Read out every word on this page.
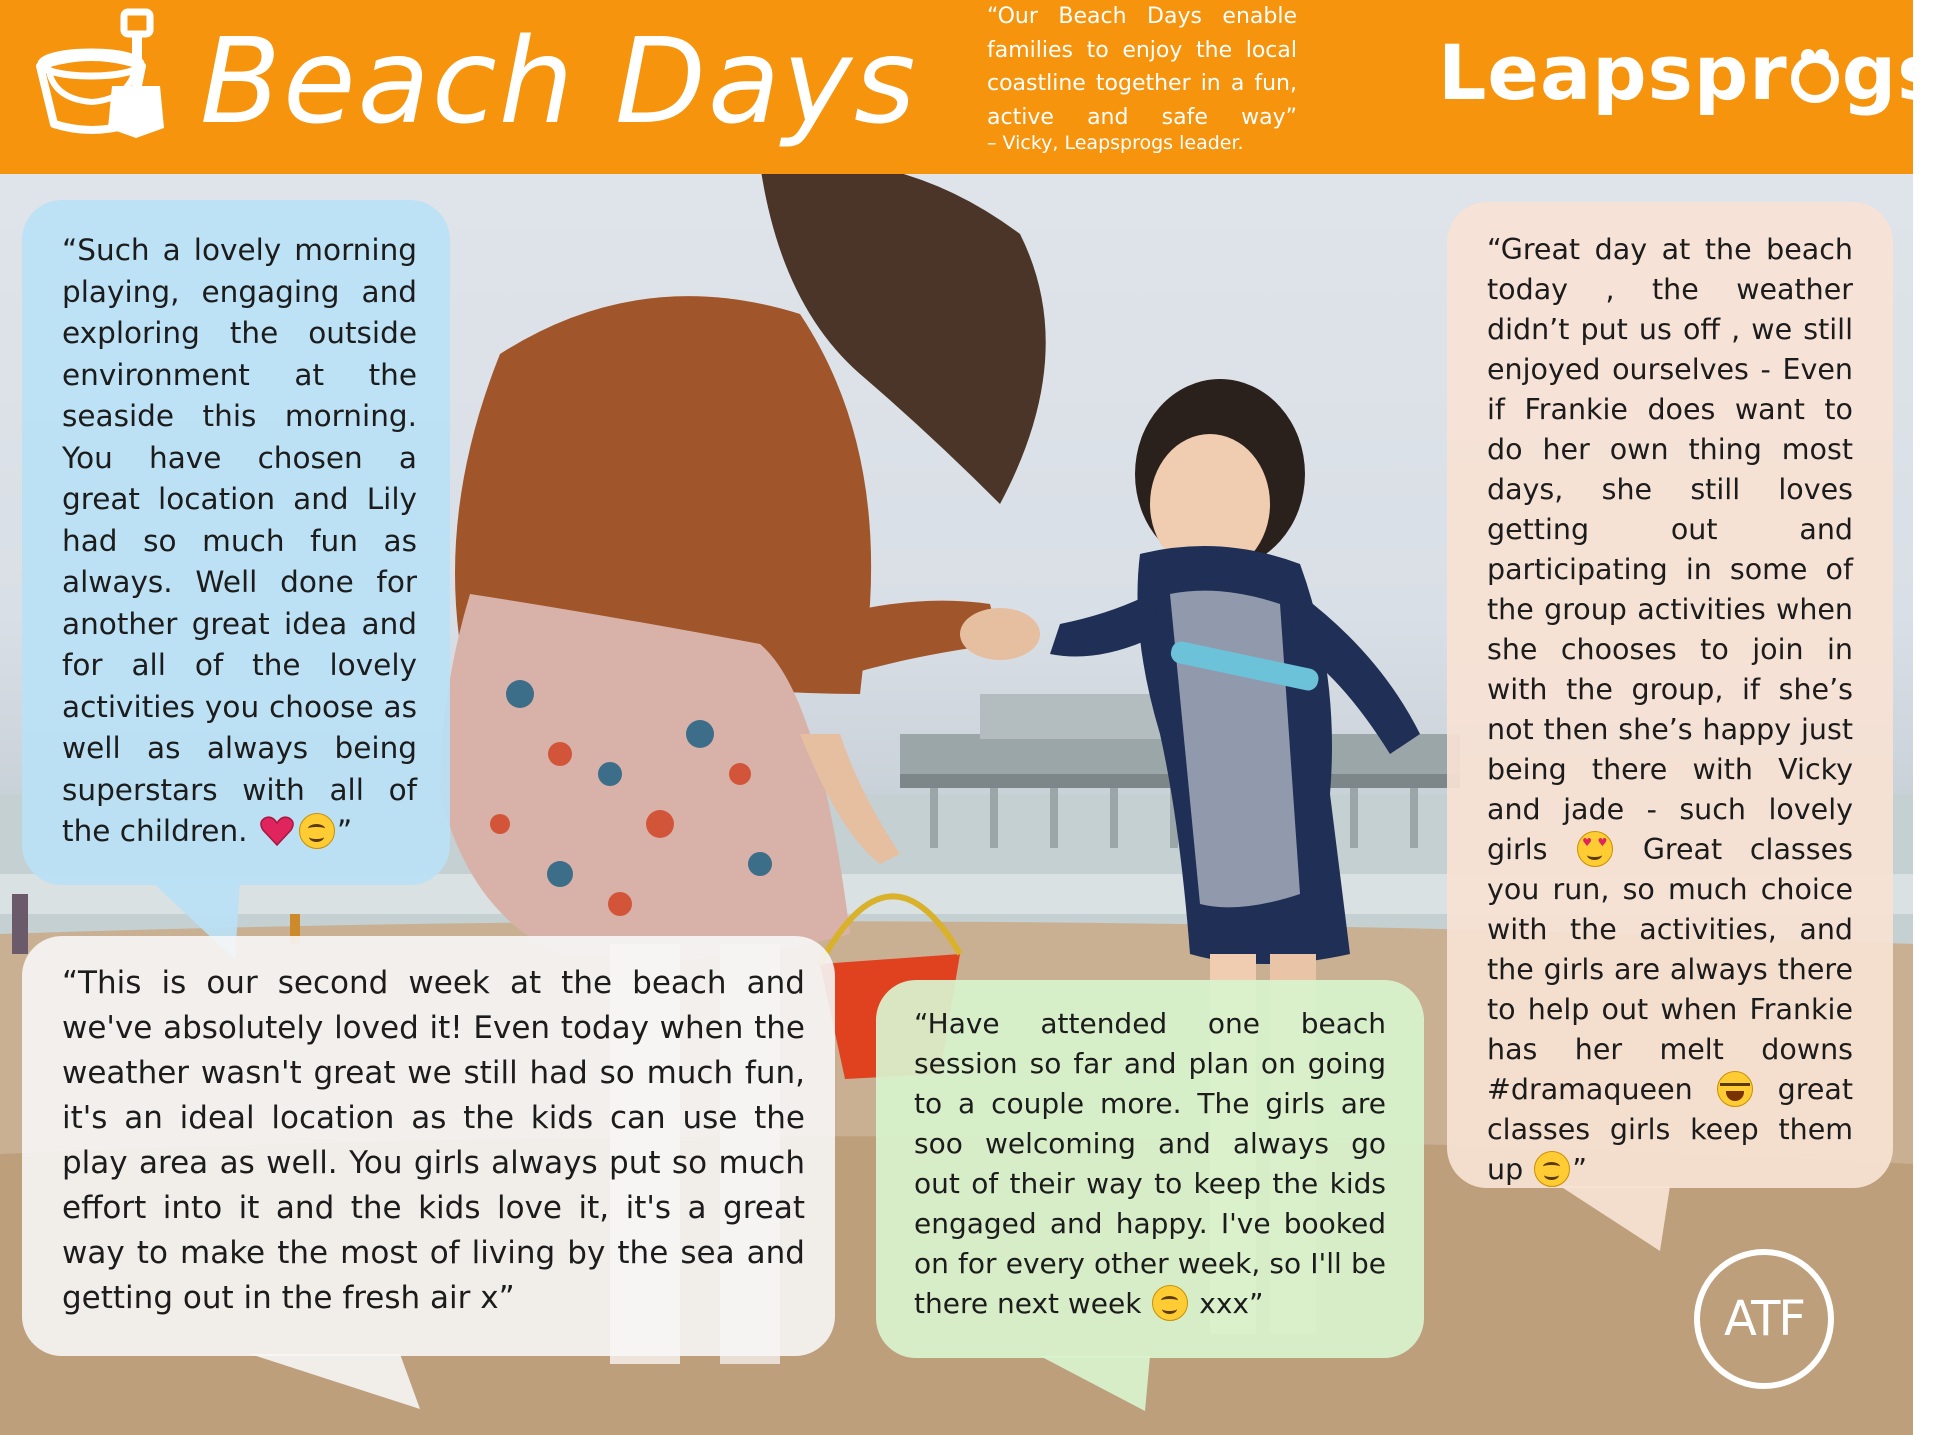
Beach Days	“Our Beach Days enable families to enjoy the local coastline together in a fun, active and safe way”
– Vicky, Leapsprogs leader.
Leapspr gs

“Such a lovely morning playing, engaging and exploring the outside environment at the seaside this morning. You have chosen a great location and Lily had so much fun as always. Well done for another great idea and for all of the lovely activities you choose as well as always being superstars with all of the children.	”

“This is our second week at the beach and we've absolutely loved it! Even today when the weather wasn't great we still had so much fun, it's an ideal location as the kids can use the play area as well. You girls always put so much effort into it and the kids love it, it's a great way to make the most of living by the sea and getting out in the fresh air x”

“Have attended one beach session so far and plan on going to a couple more. The girls are soo welcoming and always go out of their way to keep the kids engaged and happy. I've booked on for every other week, so I'll be there next week  xxx”

“Great day at the beach today , the weather didn’t put us off , we still enjoyed ourselves - Even if Frankie does want to do her own thing most days, she still loves getting out and participating in some of the group activities when she chooses to join in with the group, if she’s not then she’s happy just being there with Vicky and jade - such lovely girls ♥ ♥ Great classes you run, so much choice with the activities, and the girls are always there to help out when Frankie has her melt downs #dramaqueen  great classes girls keep them up ”

ATF
